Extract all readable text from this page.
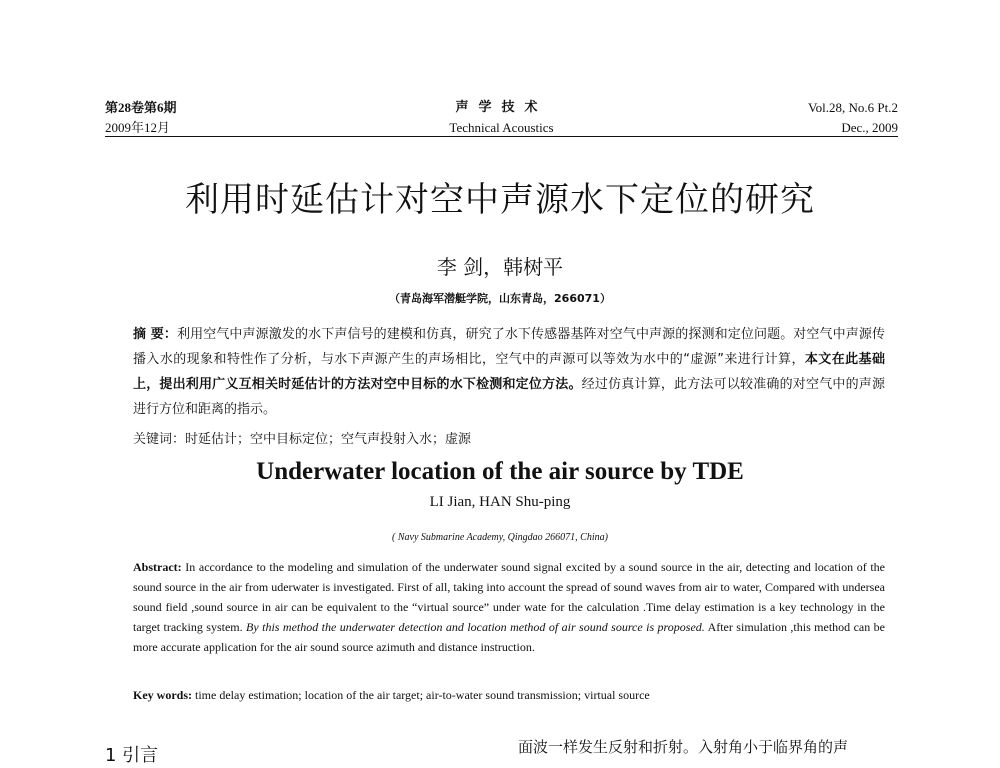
第28卷第6期
2009年12月
声学技术
Technical Acoustics
Vol.28, No.6 Pt.2
Dec., 2009
利用时延估计对空中声源水下定位的研究
李 剑，韩树平
（青岛海军潜艇学院，山东青岛，266071）
摘 要：利用空气中声源激发的水下声信号的建模和仿真，研究了水下传感器基阵对空气中声源的探测和定位问题。对空气中声源传播入水的现象和特性作了分析，与水下声源产生的声场相比，空气中的声源可以等效为水中的“虚源”来进行计算，本文在此基础上，提出利用广义互相关时延估计的方法对空中目标的水下检测和定位方法。经过仿真计算，此方法可以较准确的对空气中的声源进行方位和距离的指示。
关键词：时延估计；空中目标定位；空气声投射入水；虚源
Underwater location of the air source by TDE
LI Jian, HAN Shu-ping
( Navy Submarine Academy, Qingdao 266071, China)
Abstract: In accordance to the modeling and simulation of the underwater sound signal excited by a sound source in the air, detecting and location of the sound source in the air from uderwater is investigated. First of all, taking into account the spread of sound waves from air to water, Compared with undersea sound field ,sound source in air can be equivalent to the “virtual source” under wate for the calculation .Time delay estimation is a key technology in the target tracking system. By this method the underwater detection and location method of air sound source is proposed. After simulation ,this method can be more accurate application for the air sound source azimuth and distance instruction.
Key words: time delay estimation; location of the air target; air-to-water sound transmission; virtual source
1 引言	面波一样发生反射和折射。入射角小于临界角的声
